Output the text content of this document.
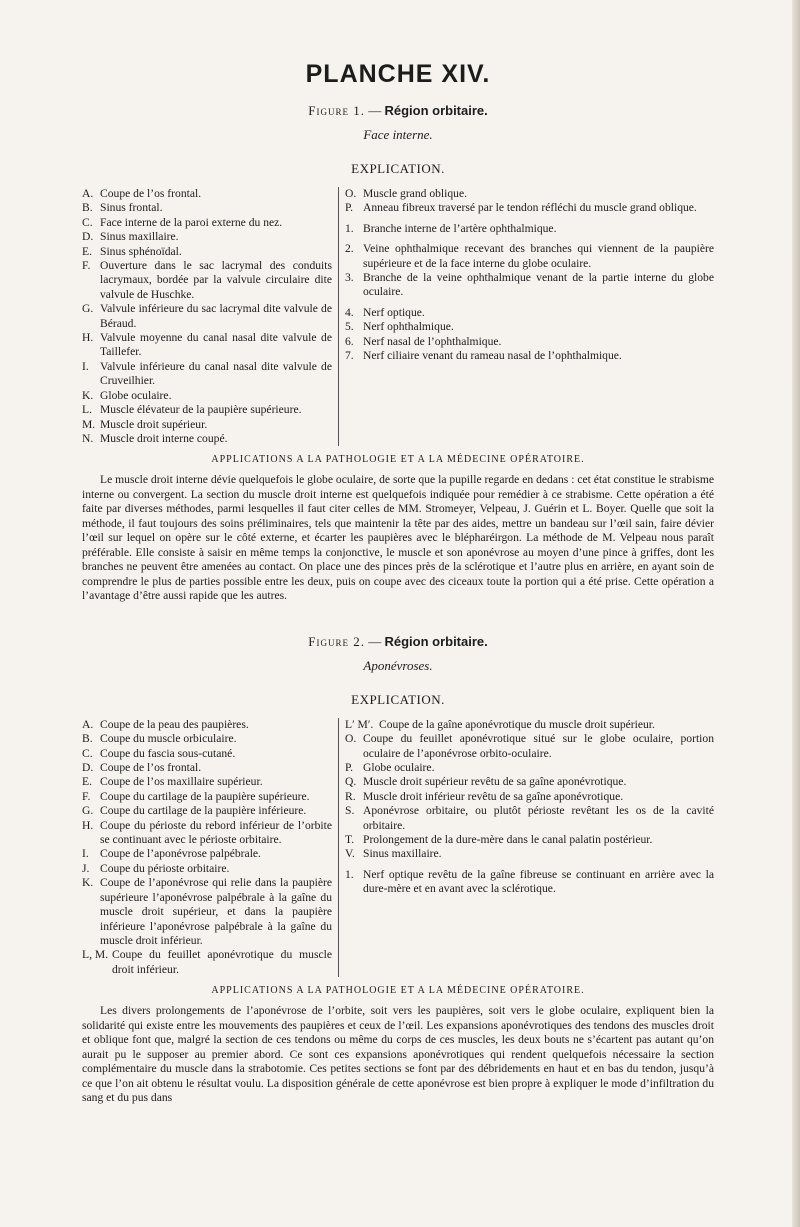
PLANCHE XIV.

Figure 1. — Région orbitaire.

Face interne.

EXPLICATION.

A. Coupe de l’os frontal.
B. Sinus frontal.
C. Face interne de la paroi externe du nez.
D. Sinus maxillaire.
E. Sinus sphénoïdal.
F. Ouverture dans le sac lacrymal des conduits lacrymaux, bordée par la valvule circulaire dite valvule de Huschke.
G. Valvule inférieure du sac lacrymal dite valvule de Béraud.
H. Valvule moyenne du canal nasal dite valvule de Taillefer.
I. Valvule inférieure du canal nasal dite valvule de Cruveilhier.
K. Globe oculaire.
L. Muscle élévateur de la paupière supérieure.
M. Muscle droit supérieur.
N. Muscle droit interne coupé.
O. Muscle grand oblique.
P. Anneau fibreux traversé par le tendon réfléchi du muscle grand oblique.
1. Branche interne de l’artère ophthalmique.
2. Veine ophthalmique recevant des branches qui viennent de la paupière supérieure et de la face interne du globe oculaire.
3. Branche de la veine ophthalmique venant de la partie interne du globe oculaire.
4. Nerf optique.
5. Nerf ophthalmique.
6. Nerf nasal de l’ophthalmique.
7. Nerf ciliaire venant du rameau nasal de l’ophthalmique.

APPLICATIONS A LA PATHOLOGIE ET A LA MÉDECINE OPÉRATOIRE.

Le muscle droit interne dévie quelquefois le globe oculaire, de sorte que la pupille regarde en dedans : cet état constitue le strabisme interne ou convergent. La section du muscle droit interne est quelquefois indiquée pour remédier à ce strabisme. Cette opération a été faite par diverses méthodes, parmi lesquelles il faut citer celles de MM. Stromeyer, Velpeau, J. Guérin et L. Boyer. Quelle que soit la méthode, il faut toujours des soins préliminaires, tels que maintenir la tête par des aides, mettre un bandeau sur l’œil sain, faire dévier l’œil sur lequel on opère sur le côté externe, et écarter les paupières avec le blépharéirgon. La méthode de M. Velpeau nous paraît préférable. Elle consiste à saisir en même temps la conjonctive, le muscle et son aponévrose au moyen d’une pince à griffes, dont les branches ne peuvent être amenées au contact. On place une des pinces près de la sclérotique et l’autre plus en arrière, en ayant soin de comprendre le plus de parties possible entre les deux, puis on coupe avec des ciceaux toute la portion qui a été prise. Cette opération a l’avantage d’être aussi rapide que les autres.

Figure 2. — Région orbitaire.

Aponévroses.

EXPLICATION.

A. Coupe de la peau des paupières.
B. Coupe du muscle orbiculaire.
C. Coupe du fascia sous-cutané.
D. Coupe de l’os frontal.
E. Coupe de l’os maxillaire supérieur.
F. Coupe du cartilage de la paupière supérieure.
G. Coupe du cartilage de la paupière inférieure.
H. Coupe du périoste du rebord inférieur de l’orbite se continuant avec le périoste orbitaire.
I. Coupe de l’aponévrose palpébrale.
J. Coupe du périoste orbitaire.
K. Coupe de l’aponévrose qui relie dans la paupière supérieure l’aponévrose palpébrale à la gaîne du muscle droit supérieur, et dans la paupière inférieure l’aponévrose palpébrale à la gaîne du muscle droit inférieur.
L, M. Coupe du feuillet aponévrotique du muscle droit inférieur.
L′ M′. Coupe de la gaîne aponévrotique du muscle droit supérieur.
O. Coupe du feuillet aponévrotique situé sur le globe oculaire, portion oculaire de l’aponévrose orbito-oculaire.
P. Globe oculaire.
Q. Muscle droit supérieur revêtu de sa gaîne aponévrotique.
R. Muscle droit inférieur revêtu de sa gaîne aponévrotique.
S. Aponévrose orbitaire, ou plutôt périoste revêtant les os de la cavité orbitaire.
T. Prolongement de la dure-mère dans le canal palatin postérieur.
V. Sinus maxillaire.
1. Nerf optique revêtu de la gaîne fibreuse se continuant en arrière avec la dure-mère et en avant avec la sclérotique.

APPLICATIONS A LA PATHOLOGIE ET A LA MÉDECINE OPÉRATOIRE.

Les divers prolongements de l’aponévrose de l’orbite, soit vers les paupières, soit vers le globe oculaire, expliquent bien la solidarité qui existe entre les mouvements des paupières et ceux de l’œil. Les expansions aponévrotiques des tendons des muscles droit et oblique font que, malgré la section de ces tendons ou même du corps de ces muscles, les deux bouts ne s’écartent pas autant qu’on aurait pu le supposer au premier abord. Ce sont ces expansions aponévrotiques qui rendent quelquefois nécessaire la section complémentaire du muscle dans la strabotomie. Ces petites sections se font par des débridements en haut et en bas du tendon, jusqu’à ce que l’on ait obtenu le résultat voulu. La disposition générale de cette aponévrose est bien propre à expliquer le mode d’infiltration du sang et du pus dans
